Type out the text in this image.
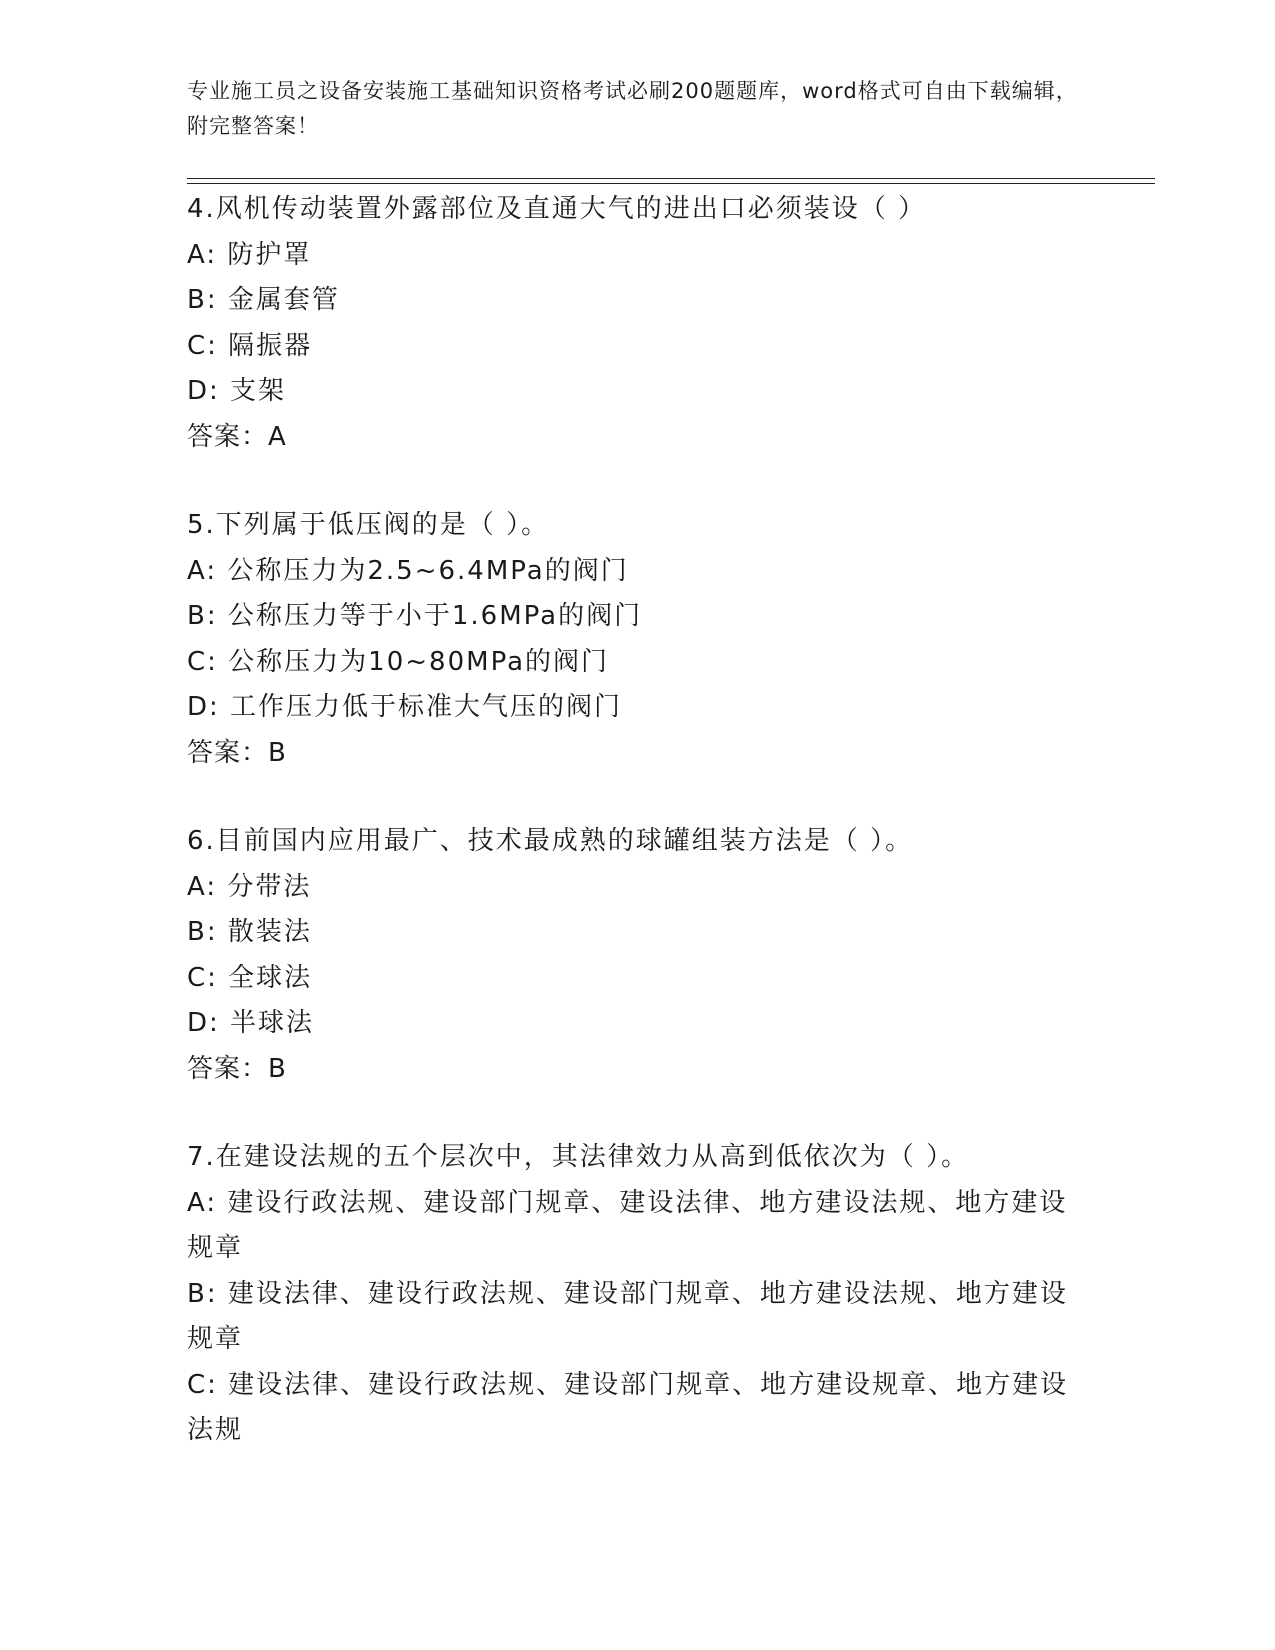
专业施工员之设备安装施工基础知识资格考试必刷200题题库，word格式可自由下载编辑，附完整答案！
4.风机传动装置外露部位及直通大气的进出口必须装设（ ）
A: 防护罩
B: 金属套管
C: 隔振器
D: 支架
答案：A
5.下列属于低压阀的是（ ）。
A: 公称压力为2.5~6.4MPa的阀门
B: 公称压力等于小于1.6MPa的阀门
C: 公称压力为10~80MPa的阀门
D: 工作压力低于标准大气压的阀门
答案：B
6.目前国内应用最广、技术最成熟的球罐组装方法是（ ）。
A: 分带法
B: 散装法
C: 全球法
D: 半球法
答案：B
7.在建设法规的五个层次中，其法律效力从高到低依次为（ ）。
A: 建设行政法规、建设部门规章、建设法律、地方建设法规、地方建设规章
B: 建设法律、建设行政法规、建设部门规章、地方建设法规、地方建设规章
C: 建设法律、建设行政法规、建设部门规章、地方建设规章、地方建设法规
